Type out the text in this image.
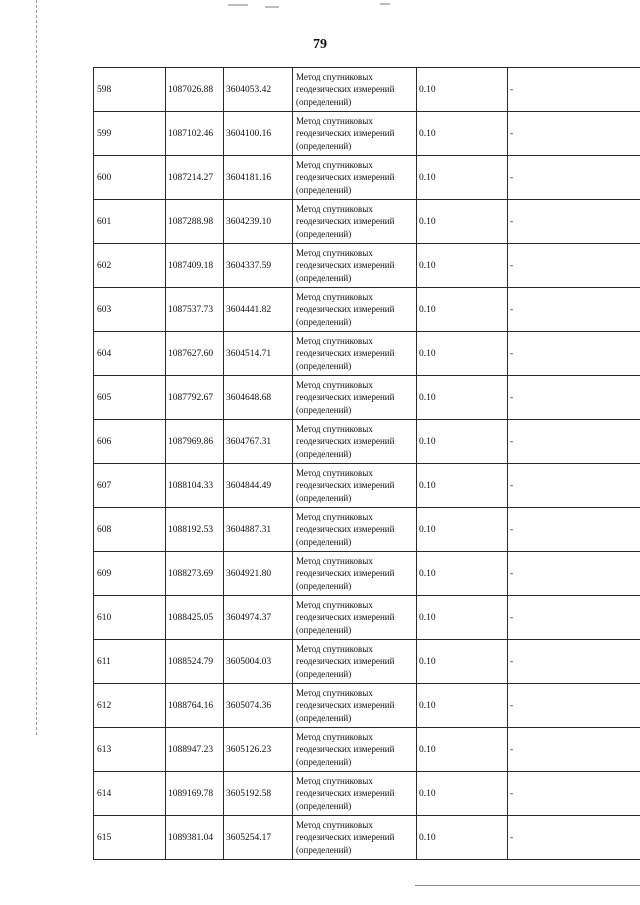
79
598	1087026.88	3604053.42	Метод спутниковых геодезических измерений (определений)	0.10	-
599	1087102.46	3604100.16	Метод спутниковых геодезических измерений (определений)	0.10	-
600	1087214.27	3604181.16	Метод спутниковых геодезических измерений (определений)	0.10	-
601	1087288.98	3604239.10	Метод спутниковых геодезических измерений (определений)	0.10	-
602	1087409.18	3604337.59	Метод спутниковых геодезических измерений (определений)	0.10	-
603	1087537.73	3604441.82	Метод спутниковых геодезических измерений (определений)	0.10	-
604	1087627.60	3604514.71	Метод спутниковых геодезических измерений (определений)	0.10	-
605	1087792.67	3604648.68	Метод спутниковых геодезических измерений (определений)	0.10	-
606	1087969.86	3604767.31	Метод спутниковых геодезических измерений (определений)	0.10	-
607	1088104.33	3604844.49	Метод спутниковых геодезических измерений (определений)	0.10	-
608	1088192.53	3604887.31	Метод спутниковых геодезических измерений (определений)	0.10	-
609	1088273.69	3604921.80	Метод спутниковых геодезических измерений (определений)	0.10	-
610	1088425.05	3604974.37	Метод спутниковых геодезических измерений (определений)	0.10	-
611	1088524.79	3605004.03	Метод спутниковых геодезических измерений (определений)	0.10	-
612	1088764.16	3605074.36	Метод спутниковых геодезических измерений (определений)	0.10	-
613	1088947.23	3605126.23	Метод спутниковых геодезических измерений (определений)	0.10	-
614	1089169.78	3605192.58	Метод спутниковых геодезических измерений (определений)	0.10	-
615	1089381.04	3605254.17	Метод спутниковых геодезических измерений (определений)	0.10	-
